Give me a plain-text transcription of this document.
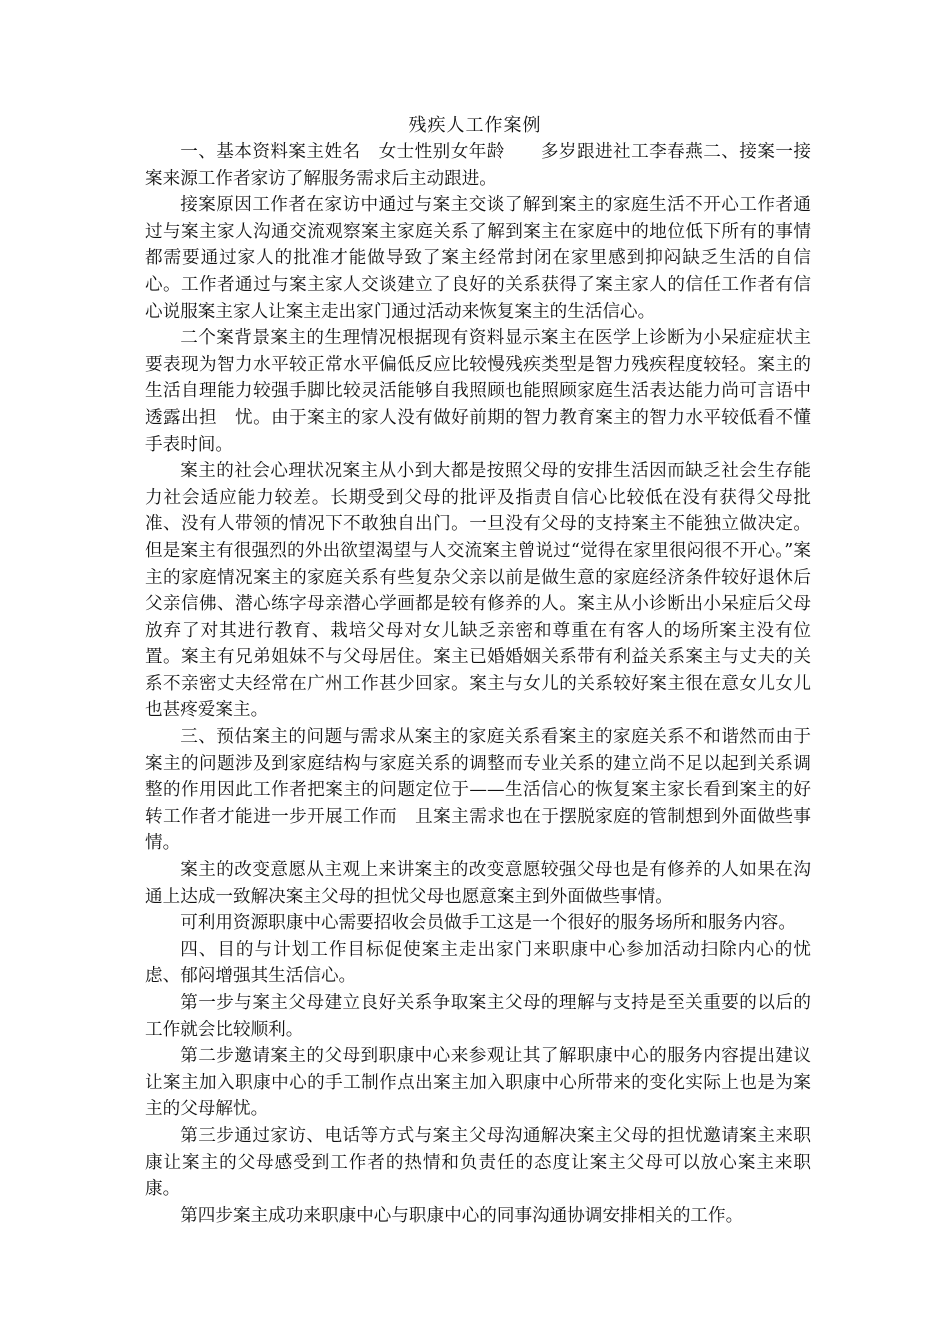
残疾人工作案例

一、基本资料案主姓名　女士性别女年龄　　多岁跟进社工李春燕二、接案一接案来源工作者家访了解服务需求后主动跟进。

接案原因工作者在家访中通过与案主交谈了解到案主的家庭生活不开心工作者通过与案主家人沟通交流观察案主家庭关系了解到案主在家庭中的地位低下所有的事情都需要通过家人的批准才能做导致了案主经常封闭在家里感到抑闷缺乏生活的自信心。工作者通过与案主家人交谈建立了良好的关系获得了案主家人的信任工作者有信心说服案主家人让案主走出家门通过活动来恢复案主的生活信心。

二个案背景案主的生理情况根据现有资料显示案主在医学上诊断为小呆症症状主要表现为智力水平较正常水平偏低反应比较慢残疾类型是智力残疾程度较轻。案主的生活自理能力较强手脚比较灵活能够自我照顾也能照顾家庭生活表达能力尚可言语中透露出担　忧。由于案主的家人没有做好前期的智力教育案主的智力水平较低看不懂手表时间。

案主的社会心理状况案主从小到大都是按照父母的安排生活因而缺乏社会生存能力社会适应能力较差。长期受到父母的批评及指责自信心比较低在没有获得父母批准、没有人带领的情况下不敢独自出门。一旦没有父母的支持案主不能独立做决定。但是案主有很强烈的外出欲望渴望与人交流案主曾说过“觉得在家里很闷很不开心。”案主的家庭情况案主的家庭关系有些复杂父亲以前是做生意的家庭经济条件较好退休后父亲信佛、潜心练字母亲潜心学画都是较有修养的人。案主从小诊断出小呆症后父母放弃了对其进行教育、栽培父母对女儿缺乏亲密和尊重在有客人的场所案主没有位置。案主有兄弟姐妹不与父母居住。案主已婚婚姻关系带有利益关系案主与丈夫的关系不亲密丈夫经常在广州工作甚少回家。案主与女儿的关系较好案主很在意女儿女儿也甚疼爱案主。

三、预估案主的问题与需求从案主的家庭关系看案主的家庭关系不和谐然而由于案主的问题涉及到家庭结构与家庭关系的调整而专业关系的建立尚不足以起到关系调整的作用因此工作者把案主的问题定位于——生活信心的恢复案主家长看到案主的好转工作者才能进一步开展工作而　且案主需求也在于摆脱家庭的管制想到外面做些事情。

案主的改变意愿从主观上来讲案主的改变意愿较强父母也是有修养的人如果在沟通上达成一致解决案主父母的担忧父母也愿意案主到外面做些事情。

可利用资源职康中心需要招收会员做手工这是一个很好的服务场所和服务内容。

四、目的与计划工作目标促使案主走出家门来职康中心参加活动扫除内心的忧虑、郁闷增强其生活信心。

第一步与案主父母建立良好关系争取案主父母的理解与支持是至关重要的以后的工作就会比较顺利。

第二步邀请案主的父母到职康中心来参观让其了解职康中心的服务内容提出建议让案主加入职康中心的手工制作点出案主加入职康中心所带来的变化实际上也是为案主的父母解忧。

第三步通过家访、电话等方式与案主父母沟通解决案主父母的担忧邀请案主来职康让案主的父母感受到工作者的热情和负责任的态度让案主父母可以放心案主来职康。

第四步案主成功来职康中心与职康中心的同事沟通协调安排相关的工作。
